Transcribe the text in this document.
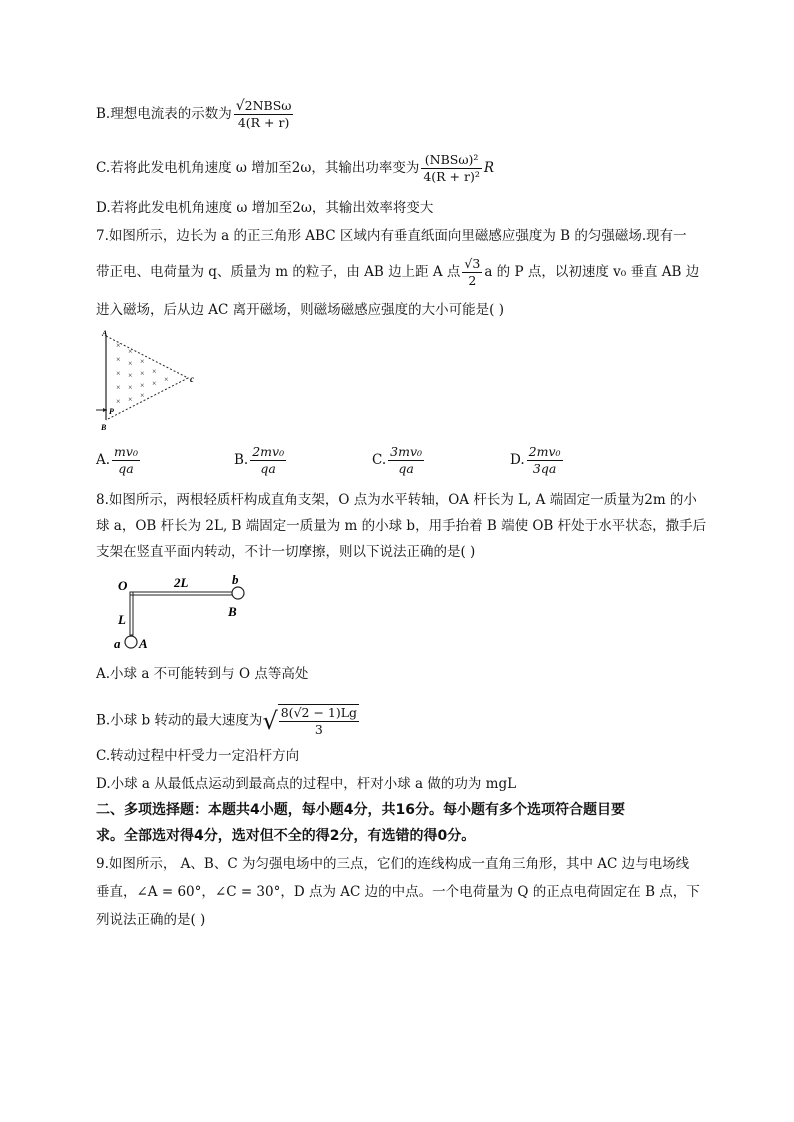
B.理想电流表的示数为 $\frac{\text{√2NBSω}}{4(R + r)}$
C.若将此发电机角速度 ω 增加至2ω，其输出功率变为 $\frac{\text{(NBSω)²}}{\text{4(R + r)²}}$ R
D.若将此发电机角速度 ω 增加至2ω，其输出效率将变大
7.如图所示，边长为 a 的正三角形 ABC 区域内有垂直纸面向里磁感应强度为 B 的匀强磁场.现有一
带正电、电荷量为 q、质量为 m 的粒子，由 AB 边上距 A 点 $\frac{√3}{2}$ a 的 P 点，以初速度 v₀ 垂直 AB 边
进入磁场，后从边 AC 离开磁场，则磁场磁感应强度的大小可能是( )
×
×
× × ×
× × × ×
× × × × ×
× × ×
A
c
P
B
A. $\frac{\text{mv₀}}{qa}$	B. $\frac{\text{2mv₀}}{qa}$	C. $\frac{\text{3mv₀}}{qa}$	D. $\frac{\text{2mv₀}}{3qa}$
8.如图所示，两根轻质杆构成直角支架，O 点为水平转轴，OA 杆长为 L, A 端固定一质量为2m 的小
球 a，OB 杆长为 2L, B 端固定一质量为 m 的小球 b，用手抬着 B 端使 OB 杆处于水平状态，撒手后
支架在竖直平面内转动，不计一切摩擦，则以下说法正确的是( )
O	2L	b
B
L
a A
A.小球 a 不可能转到与 O 点等高处
B.小球 b 转动的最大速度为√ $\frac{8(√2 - 1)Lg}{3}$
C.转动过程中杆受力一定沿杆方向
D.小球 a 从最低点运动到最高点的过程中，杆对小球 a 做的功为 mgL
二、多项选择题：本题共4小题，每小题4分，共16分。每小题有多个选项符合题目要
求。全部选对得4分，选对但不全的得2分，有选错的得0分。
9.如图所示， A、B、C 为匀强电场中的三点，它们的连线构成一直角三角形，其中 AC 边与电场线
垂直，∠A = 60°，∠C = 30°，D 点为 AC 边的中点。一个电荷量为 Q 的正点电荷固定在 B 点，下
列说法正确的是( )
